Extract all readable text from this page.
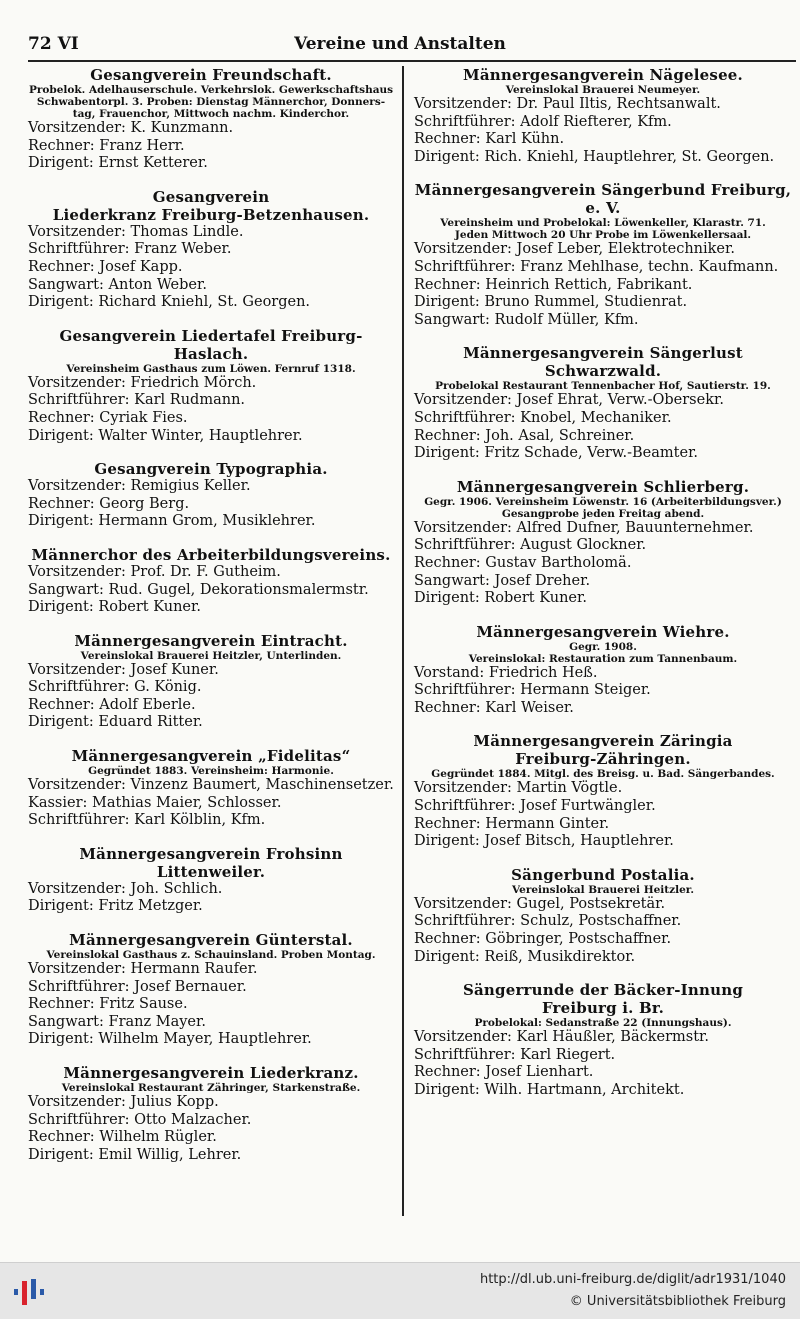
72 VI	Vereine und Anstalten
Gesangverein Freundschaft.
Probelok. Adelhauserschule. Verkehrslok. Gewerkschaftshaus
Schwabentorpl. 3. Proben: Dienstag Männerchor, Donners-
tag, Frauenchor, Mittwoch nachm. Kinderchor.
Vorsitzender: K. Kunzmann.
Rechner: Franz Herr.
Dirigent: Ernst Ketterer.
Gesangverein
Liederkranz Freiburg-Betzenhausen.
Vorsitzender: Thomas Lindle.
Schriftführer: Franz Weber.
Rechner: Josef Kapp.
Sangwart: Anton Weber.
Dirigent: Richard Kniehl, St. Georgen.
Gesangverein Liedertafel Freiburg-Haslach.
Vereinsheim Gasthaus zum Löwen. Fernruf 1318.
Vorsitzender: Friedrich Mörch.
Schriftführer: Karl Rudmann.
Rechner: Cyriak Fies.
Dirigent: Walter Winter, Hauptlehrer.
Gesangverein Typographia.
Vorsitzender: Remigius Keller.
Rechner: Georg Berg.
Dirigent: Hermann Grom, Musiklehrer.
Männerchor des Arbeiterbildungsvereins.
Vorsitzender: Prof. Dr. F. Gutheim.
Sangwart: Rud. Gugel, Dekorationsmalermstr.
Dirigent: Robert Kuner.
Männergesangverein Eintracht.
Vereinslokal Brauerei Heitzler, Unterlinden.
Vorsitzender: Josef Kuner.
Schriftführer: G. König.
Rechner: Adolf Eberle.
Dirigent: Eduard Ritter.
Männergesangverein „Fidelitas“
Gegründet 1883. Vereinsheim: Harmonie.
Vorsitzender: Vinzenz Baumert, Maschinensetzer.
Kassier: Mathias Maier, Schlosser.
Schriftführer: Karl Kölblin, Kfm.
Männergesangverein Frohsinn Littenweiler.
Vorsitzender: Joh. Schlich.
Dirigent: Fritz Metzger.
Männergesangverein Günterstal.
Vereinslokal Gasthaus z. Schauinsland. Proben Montag.
Vorsitzender: Hermann Raufer.
Schriftführer: Josef Bernauer.
Rechner: Fritz Sause.
Sangwart: Franz Mayer.
Dirigent: Wilhelm Mayer, Hauptlehrer.
Männergesangverein Liederkranz.
Vereinslokal Restaurant Zähringer, Starkenstraße.
Vorsitzender: Julius Kopp.
Schriftführer: Otto Malzacher.
Rechner: Wilhelm Rügler.
Dirigent: Emil Willig, Lehrer.
Männergesangverein Nägelesee.
Vereinslokal Brauerei Neumeyer.
Vorsitzender: Dr. Paul Iltis, Rechtsanwalt.
Schriftführer: Adolf Riefterer, Kfm.
Rechner: Karl Kühn.
Dirigent: Rich. Kniehl, Hauptlehrer, St. Georgen.
Männergesangverein Sängerbund Freiburg, e. V.
Vereinsheim und Probelokal: Löwenkeller, Klarastr. 71.
Jeden Mittwoch 20 Uhr Probe im Löwenkellersaal.
Vorsitzender: Josef Leber, Elektrotechniker.
Schriftführer: Franz Mehlhase, techn. Kaufmann.
Rechner: Heinrich Rettich, Fabrikant.
Dirigent: Bruno Rummel, Studienrat.
Sangwart: Rudolf Müller, Kfm.
Männergesangverein Sängerlust
Schwarzwald.
Probelokal Restaurant Tennenbacher Hof, Sautierstr. 19.
Vorsitzender: Josef Ehrat, Verw.-Obersekr.
Schriftführer: Knobel, Mechaniker.
Rechner: Joh. Asal, Schreiner.
Dirigent: Fritz Schade, Verw.-Beamter.
Männergesangverein Schlierberg.
Gegr. 1906. Vereinsheim Löwenstr. 16 (Arbeiterbildungsver.)
Gesangprobe jeden Freitag abend.
Vorsitzender: Alfred Dufner, Bauunternehmer.
Schriftführer: August Glockner.
Rechner: Gustav Bartholomä.
Sangwart: Josef Dreher.
Dirigent: Robert Kuner.
Männergesangverein Wiehre.
Gegr. 1908.
Vereinslokal: Restauration zum Tannenbaum.
Vorstand: Friedrich Heß.
Schriftführer: Hermann Steiger.
Rechner: Karl Weiser.
Männergesangverein Zäringia
Freiburg-Zähringen.
Gegründet 1884. Mitgl. des Breisg. u. Bad. Sängerbandes.
Vorsitzender: Martin Vögtle.
Schriftführer: Josef Furtwängler.
Rechner: Hermann Ginter.
Dirigent: Josef Bitsch, Hauptlehrer.
Sängerbund Postalia.
Vereinslokal Brauerei Heitzler.
Vorsitzender: Gugel, Postsekretär.
Schriftführer: Schulz, Postschaffner.
Rechner: Göbringer, Postschaffner.
Dirigent: Reiß, Musikdirektor.
Sängerrunde der Bäcker-Innung
Freiburg i. Br.
Probelokal: Sedanstraße 22 (Innungshaus).
Vorsitzender: Karl Häußler, Bäckermstr.
Schriftführer: Karl Riegert.
Rechner: Josef Lienhart.
Dirigent: Wilh. Hartmann, Architekt.
http://dl.ub.uni-freiburg.de/diglit/adr1931/1040
© Universitätsbibliothek Freiburg
